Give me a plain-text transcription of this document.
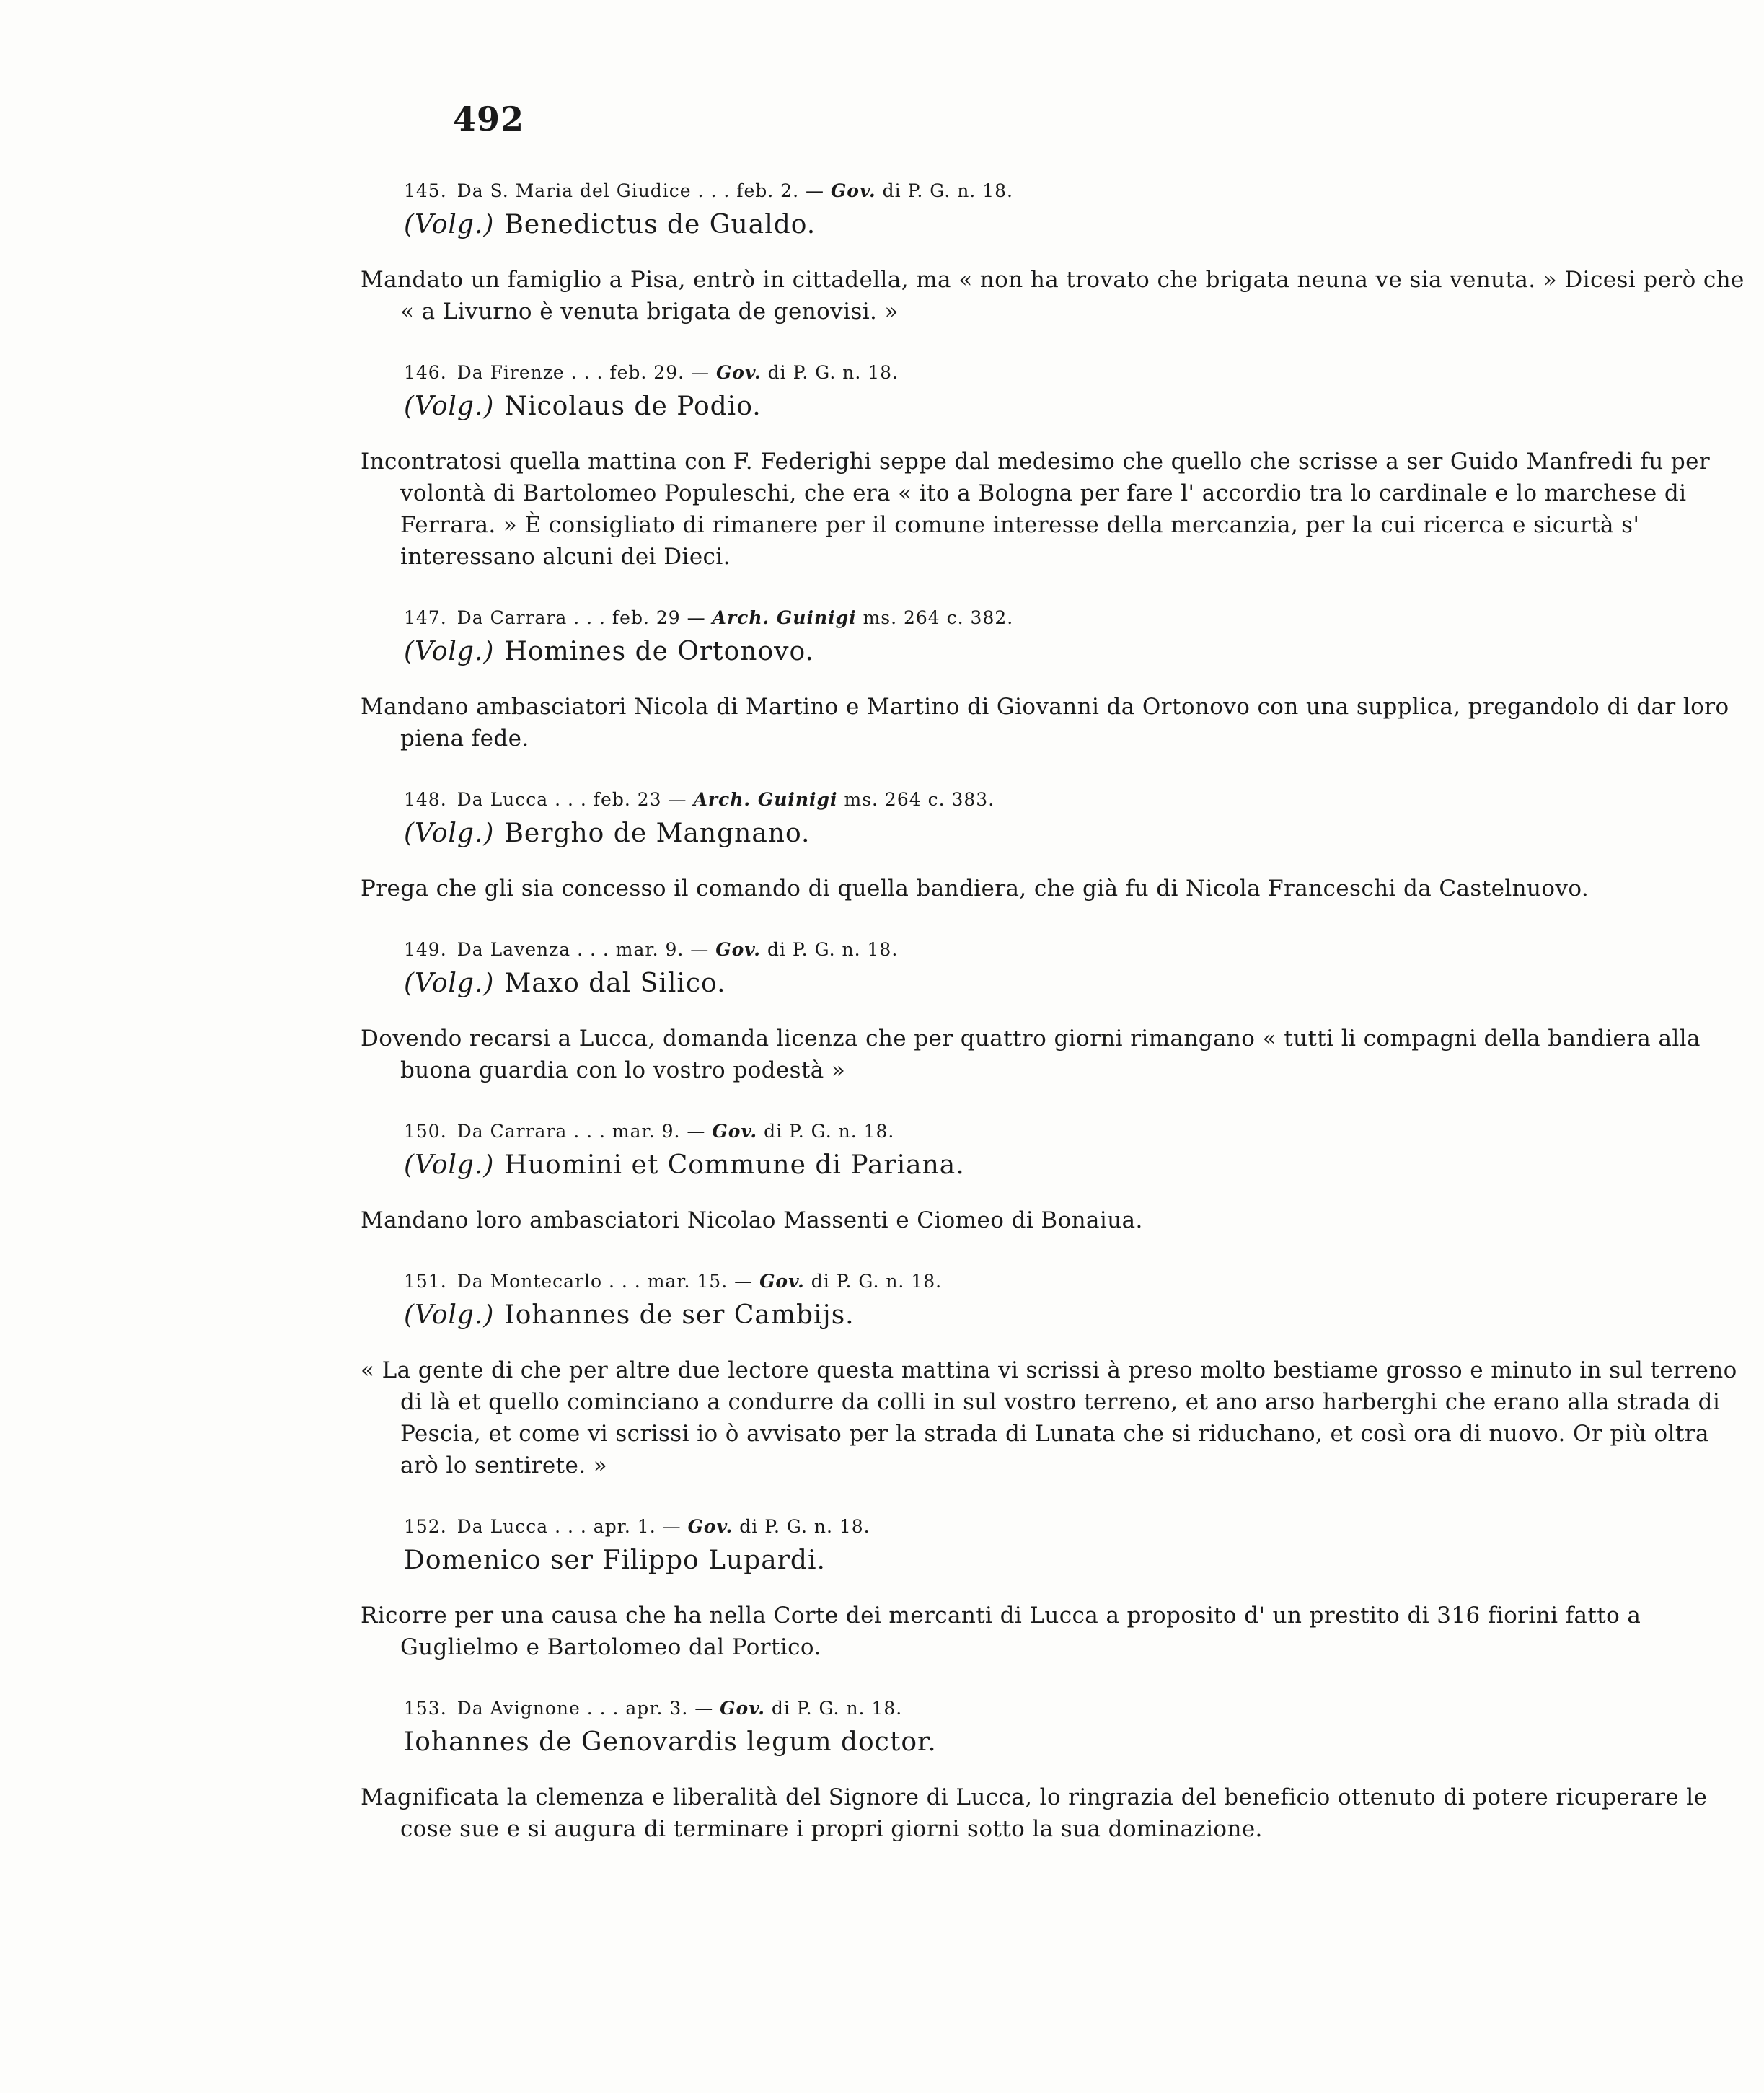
492
145. Da S. Maria del Giudice . . . feb. 2. — Gov. di P. G. n. 18.
(Volg.) Benedictus de Gualdo.
Mandato un famiglio a Pisa, entrò in cittadella, ma « non ha trovato che brigata neuna ve sia venuta. » Dicesi però che « a Livurno è venuta brigata de genovisi. »
146. Da Firenze . . . feb. 29. — Gov. di P. G. n. 18.
(Volg.) Nicolaus de Podio.
Incontratosi quella mattina con F. Federighi seppe dal medesimo che quello che scrisse a ser Guido Manfredi fu per volontà di Bartolomeo Populeschi, che era « ito a Bologna per fare l' accordio tra lo cardinale e lo marchese di Ferrara. » È consigliato di rimanere per il comune interesse della mercanzia, per la cui ricerca e sicurtà s' interessano alcuni dei Dieci.
147. Da Carrara . . . feb. 29 — Arch. Guinigi ms. 264 c. 382.
(Volg.) Homines de Ortonovo.
Mandano ambasciatori Nicola di Martino e Martino di Giovanni da Ortonovo con una supplica, pregandolo di dar loro piena fede.
148. Da Lucca . . . feb. 23 — Arch. Guinigi ms. 264 c. 383.
(Volg.) Bergho de Mangnano.
Prega che gli sia concesso il comando di quella bandiera, che già fu di Nicola Franceschi da Castelnuovo.
149. Da Lavenza . . . mar. 9. — Gov. di P. G. n. 18.
(Volg.) Maxo dal Silico.
Dovendo recarsi a Lucca, domanda licenza che per quattro giorni rimangano « tutti li compagni della bandiera alla buona guardia con lo vostro podestà »
150. Da Carrara . . . mar. 9. — Gov. di P. G. n. 18.
(Volg.) Huomini et Commune di Pariana.
Mandano loro ambasciatori Nicolao Massenti e Ciomeo di Bonaiua.
151. Da Montecarlo . . . mar. 15. — Gov. di P. G. n. 18.
(Volg.) Iohannes de ser Cambijs.
« La gente di che per altre due lectore questa mattina vi scrissi à preso molto bestiame grosso e minuto in sul terreno di là et quello cominciano a condurre da colli in sul vostro terreno, et ano arso harberghi che erano alla strada di Pescia, et come vi scrissi io ò avvisato per la strada di Lunata che si riduchano, et così ora di nuovo. Or più oltra arò lo sentirete. »
152. Da Lucca . . . apr. 1. — Gov. di P. G. n. 18.
Domenico ser Filippo Lupardi.
Ricorre per una causa che ha nella Corte dei mercanti di Lucca a proposito d' un prestito di 316 fiorini fatto a Guglielmo e Bartolomeo dal Portico.
153. Da Avignone . . . apr. 3. — Gov. di P. G. n. 18.
Iohannes de Genovardis legum doctor.
Magnificata la clemenza e liberalità del Signore di Lucca, lo ringrazia del beneficio ottenuto di potere ricuperare le cose sue e si augura di terminare i propri giorni sotto la sua dominazione.
